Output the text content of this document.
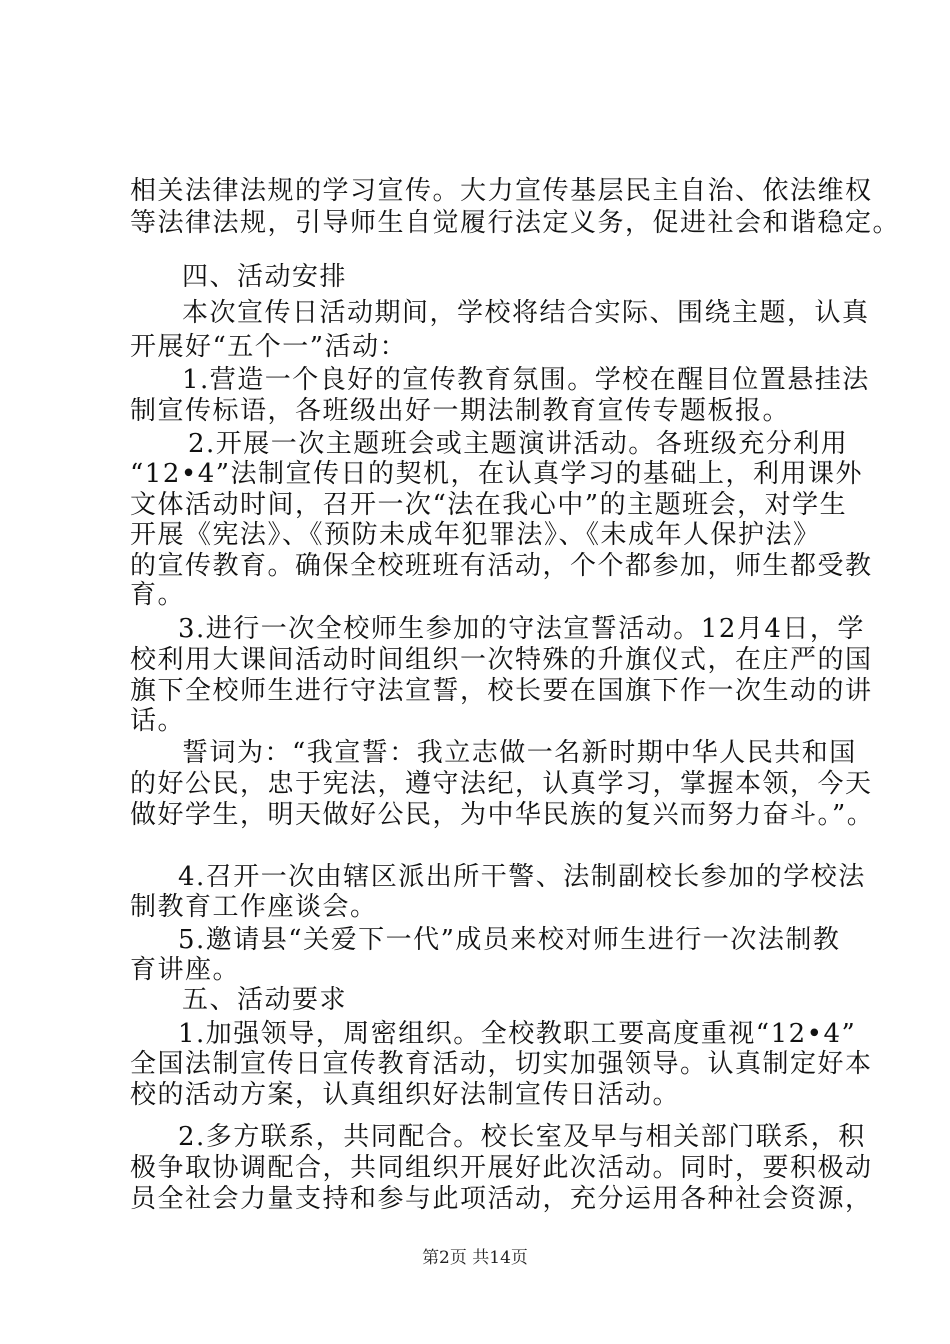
相关法律法规的学习宣传。大力宣传基层民主自治、依法维权
等法律法规，引导师生自觉履行法定义务，促进社会和谐稳定。
四、活动安排
本次宣传日活动期间，学校将结合实际、围绕主题，认真
开展好“五个一”活动：
1.营造一个良好的宣传教育氛围。学校在醒目位置悬挂法
制宣传标语，各班级出好一期法制教育宣传专题板报。
2.开展一次主题班会或主题演讲活动。各班级充分利用
“12•4”法制宣传日的契机，在认真学习的基础上，利用课外
文体活动时间，召开一次“法在我心中”的主题班会，对学生
开展《宪法》、《预防未成年犯罪法》、《未成年人保护法》
的宣传教育。确保全校班班有活动，个个都参加，师生都受教
育。
3.进行一次全校师生参加的守法宣誓活动。12月4日，学
校利用大课间活动时间组织一次特殊的升旗仪式，在庄严的国
旗下全校师生进行守法宣誓，校长要在国旗下作一次生动的讲
话。
誓词为：“我宣誓：我立志做一名新时期中华人民共和国
的好公民，忠于宪法，遵守法纪，认真学习，掌握本领，今天
做好学生，明天做好公民，为中华民族的复兴而努力奋斗。”。
4.召开一次由辖区派出所干警、法制副校长参加的学校法
制教育工作座谈会。
5.邀请县“关爱下一代”成员来校对师生进行一次法制教
育讲座。
五、活动要求
1.加强领导，周密组织。全校教职工要高度重视“12•4”
全国法制宣传日宣传教育活动，切实加强领导。认真制定好本
校的活动方案，认真组织好法制宣传日活动。
2.多方联系，共同配合。校长室及早与相关部门联系，积
极争取协调配合，共同组织开展好此次活动。同时，要积极动
员全社会力量支持和参与此项活动，充分运用各种社会资源，
第2页 共14页
